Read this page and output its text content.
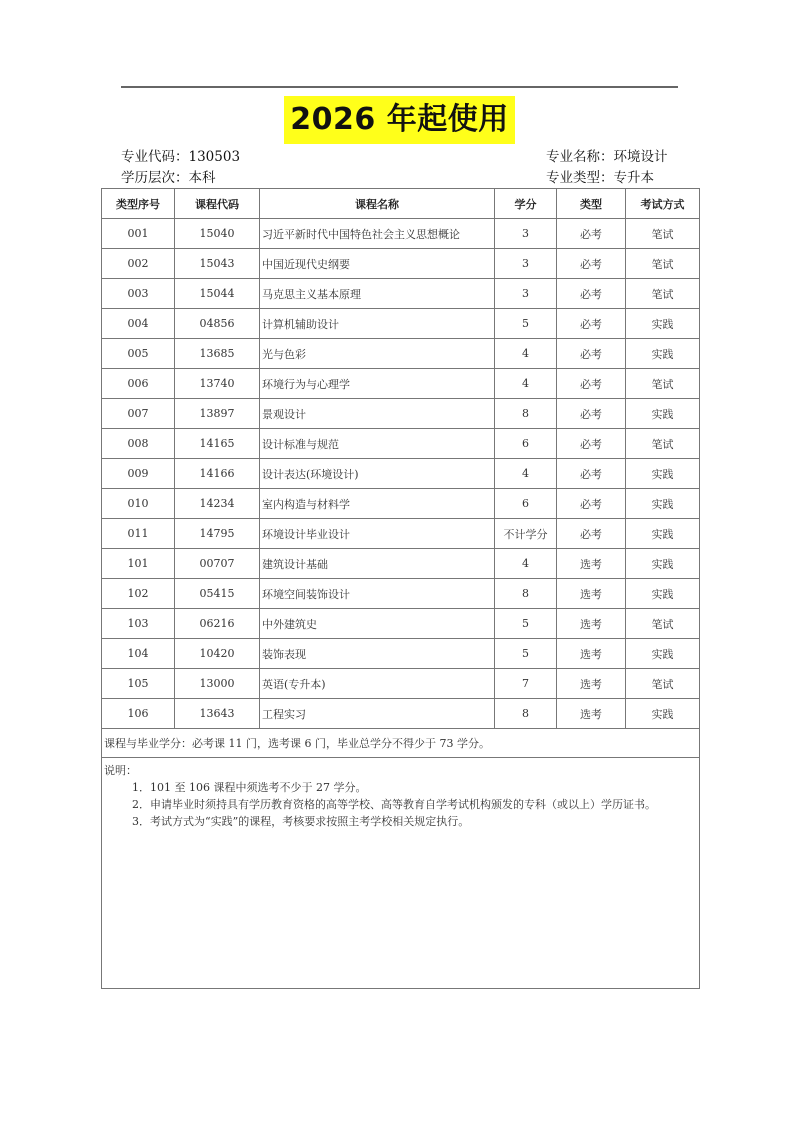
2026 年起使用
专业代码：130503
学历层次：本科
专业名称：环境设计
专业类型：专升本
类型序号	课程代码	课程名称	学分	类型	考试方式
001	15040	习近平新时代中国特色社会主义思想概论	3	必考	笔试
002	15043	中国近现代史纲要	3	必考	笔试
003	15044	马克思主义基本原理	3	必考	笔试
004	04856	计算机辅助设计	5	必考	实践
005	13685	光与色彩	4	必考	实践
006	13740	环境行为与心理学	4	必考	笔试
007	13897	景观设计	8	必考	实践
008	14165	设计标准与规范	6	必考	笔试
009	14166	设计表达(环境设计)	4	必考	实践
010	14234	室内构造与材料学	6	必考	实践
011	14795	环境设计毕业设计	不计学分	必考	实践
101	00707	建筑设计基础	4	选考	实践
102	05415	环境空间装饰设计	8	选考	实践
103	06216	中外建筑史	5	选考	笔试
104	10420	装饰表现	5	选考	实践
105	13000	英语(专升本)	7	选考	笔试
106	13643	工程实习	8	选考	实践
课程与毕业学分：必考课 11 门，选考课 6 门，毕业总学分不得少于 73 学分。					

说明：
1．101 至 106 课程中须选考不少于 27 学分。
2．申请毕业时须持具有学历教育资格的高等学校、高等教育自学考试机构颁发的专科（或以上）学历证书。
3．考试方式为“实践”的课程，考核要求按照主考学校相关规定执行。					
